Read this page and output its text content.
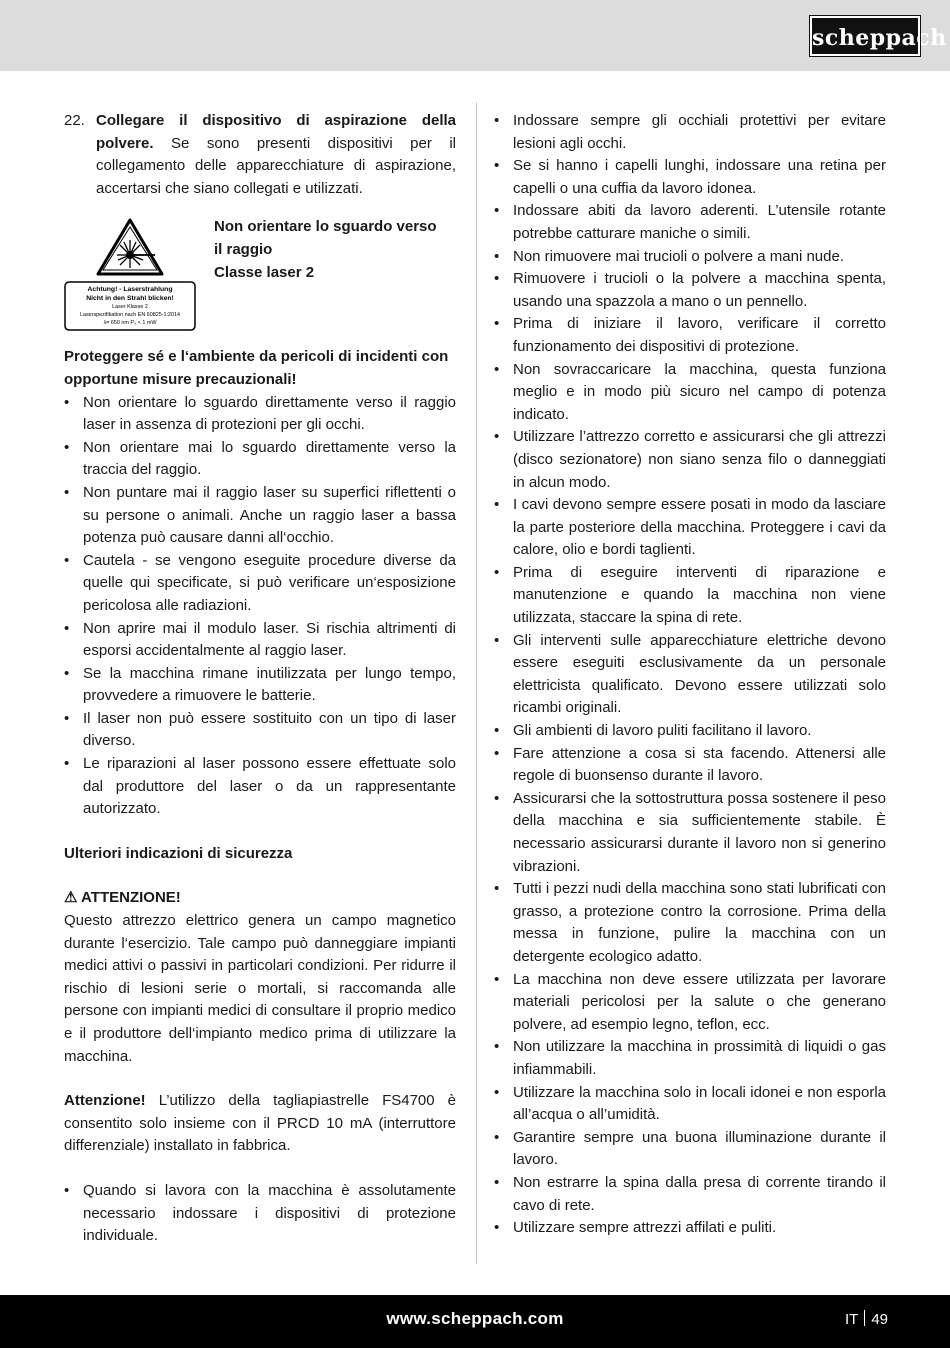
scheppach
22. Collegare il dispositivo di aspirazione della polvere. Se sono presenti dispositivi per il collegamento delle apparecchiature di aspirazione, accertarsi che siano collegati e utilizzati.
Achtung! - Laserstrahlung
Nicht in den Strahl blicken!
Laser Klasse 2
Laserspezifikation nach EN 60825-1:2014
λ= 650 nm P₀ < 1 mW
Non orientare lo sguardo verso
il raggio
Classe laser 2
Proteggere sé e l‘ambiente da pericoli di incidenti con opportune misure precauzionali!
• Non orientare lo sguardo direttamente verso il raggio laser in assenza di protezioni per gli occhi.
• Non orientare mai lo sguardo direttamente verso la traccia del raggio.
• Non puntare mai il raggio laser su superfici riflettenti o su persone o animali. Anche un raggio laser a bassa potenza può causare danni all‘occhio.
• Cautela - se vengono eseguite procedure diverse da quelle qui specificate, si può verificare un‘esposizione pericolosa alle radiazioni.
• Non aprire mai il modulo laser. Si rischia altrimenti di esporsi accidentalmente al raggio laser.
• Se la macchina rimane inutilizzata per lungo tempo, provvedere a rimuovere le batterie.
• Il laser non può essere sostituito con un tipo di laser diverso.
• Le riparazioni al laser possono essere effettuate solo dal produttore del laser o da un rappresentante autorizzato.
Ulteriori indicazioni di sicurezza
⚠ ATTENZIONE!
Questo attrezzo elettrico genera un campo magnetico durante l‘esercizio. Tale campo può danneggiare impianti medici attivi o passivi in particolari condizioni. Per ridurre il rischio di lesioni serie o mortali, si raccomanda alle persone con impianti medici di consultare il proprio medico e il produttore dell‘impianto medico prima di utilizzare la macchina.
Attenzione! L’utilizzo della tagliapiastrelle FS4700 è consentito solo insieme con il PRCD 10 mA (interruttore differenziale) installato in fabbrica.
• Quando si lavora con la macchina è assolutamente necessario indossare i dispositivi di protezione individuale.
• Indossare sempre gli occhiali protettivi per evitare lesioni agli occhi.
• Se si hanno i capelli lunghi, indossare una retina per capelli o una cuffia da lavoro idonea.
• Indossare abiti da lavoro aderenti. L’utensile rotante potrebbe catturare maniche o simili.
• Non rimuovere mai trucioli o polvere a mani nude.
• Rimuovere i trucioli o la polvere a macchina spenta, usando una spazzola a mano o un pennello.
• Prima di iniziare il lavoro, verificare il corretto funzionamento dei dispositivi di protezione.
• Non sovraccaricare la macchina, questa funziona meglio e in modo più sicuro nel campo di potenza indicato.
• Utilizzare l’attrezzo corretto e assicurarsi che gli attrezzi (disco sezionatore) non siano senza filo o danneggiati in alcun modo.
• I cavi devono sempre essere posati in modo da lasciare la parte posteriore della macchina. Proteggere i cavi da calore, olio e bordi taglienti.
• Prima di eseguire interventi di riparazione e manutenzione e quando la macchina non viene utilizzata, staccare la spina di rete.
• Gli interventi sulle apparecchiature elettriche devono essere eseguiti esclusivamente da un personale elettricista qualificato. Devono essere utilizzati solo ricambi originali.
• Gli ambienti di lavoro puliti facilitano il lavoro.
• Fare attenzione a cosa si sta facendo. Attenersi alle regole di buonsenso durante il lavoro.
• Assicurarsi che la sottostruttura possa sostenere il peso della macchina e sia sufficientemente stabile. È necessario assicurarsi durante il lavoro non si generino vibrazioni.
• Tutti i pezzi nudi della macchina sono stati lubrificati con grasso, a protezione contro la corrosione. Prima della messa in funzione, pulire la macchina con un detergente ecologico adatto.
• La macchina non deve essere utilizzata per lavorare materiali pericolosi per la salute o che generano polvere, ad esempio legno, teflon, ecc.
• Non utilizzare la macchina in prossimità di liquidi o gas infiammabili.
• Utilizzare la macchina solo in locali idonei e non esporla all’acqua o all’umidità.
• Garantire sempre una buona illuminazione durante il lavoro.
• Non estrarre la spina dalla presa di corrente tirando il cavo di rete.
• Utilizzare sempre attrezzi affilati e puliti.
www.scheppach.com	IT 49
